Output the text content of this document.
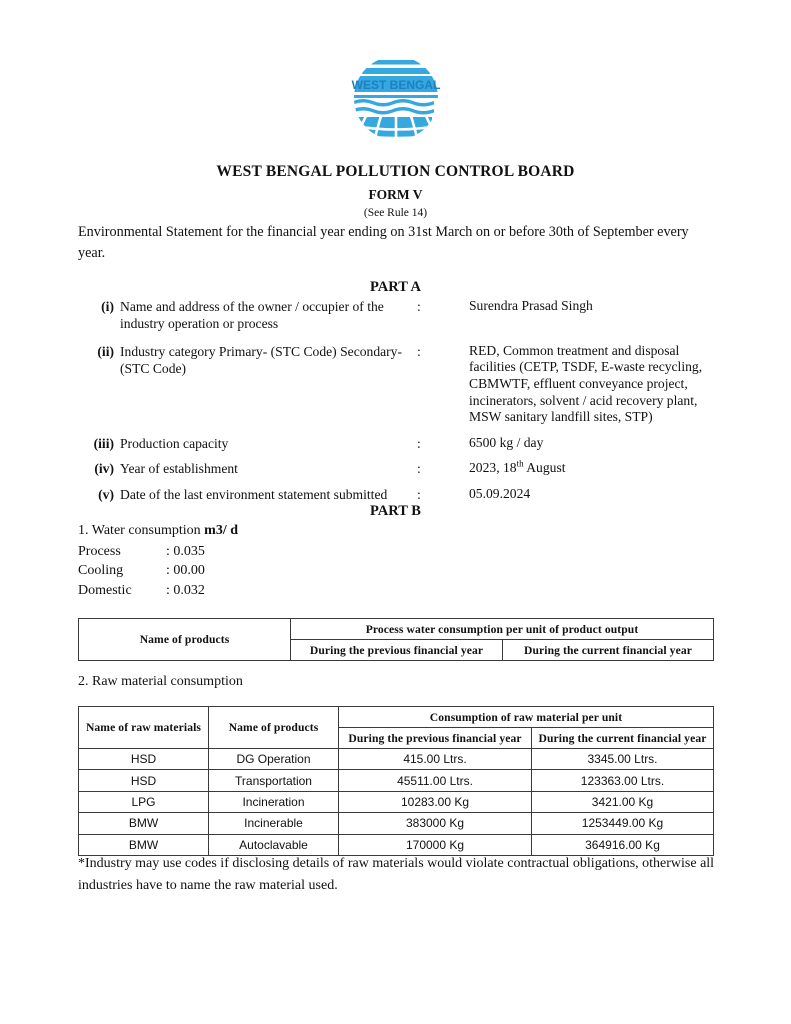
WEST BENGAL
WEST BENGAL POLLUTION CONTROL BOARD
FORM V
(See Rule 14)
Environmental Statement for the financial year ending on 31st March on or before 30th of September every year.
PART A
(i) Name and address of the owner / occupier of the industry operation or process
:	Surendra Prasad Singh
(ii) Industry category Primary- (STC Code) Secondary- (STC Code)
:	RED, Common treatment and disposal facilities (CETP, TSDF, E-waste recycling, CBMWTF, effluent conveyance project, incinerators, solvent / acid recovery plant, MSW sanitary landfill sites, STP)
(iii) Production capacity	:	6500 kg / day
(iv) Year of establishment	:	2023, 18th August
(v) Date of the last environment statement submitted	:	05.09.2024
PART B
1. Water consumption m3/ d
Process	: 0.035
Cooling	: 00.00
Domestic	: 0.032
Name of products	Process water consumption per unit of product output	
	During the previous financial year	During the current financial year
2. Raw material consumption
Name of raw materials	Name of products	Consumption of raw material per unit	
		During the previous financial year	During the current financial year
HSD	DG Operation	415.00 Ltrs.	3345.00 Ltrs.
HSD	Transportation	45511.00 Ltrs.	123363.00 Ltrs.
LPG	Incineration	10283.00 Kg	3421.00 Kg
BMW	Incinerable	383000 Kg	1253449.00 Kg
BMW	Autoclavable	170000 Kg	364916.00 Kg
*Industry may use codes if disclosing details of raw materials would violate contractual obligations, otherwise all industries have to name the raw material used.
